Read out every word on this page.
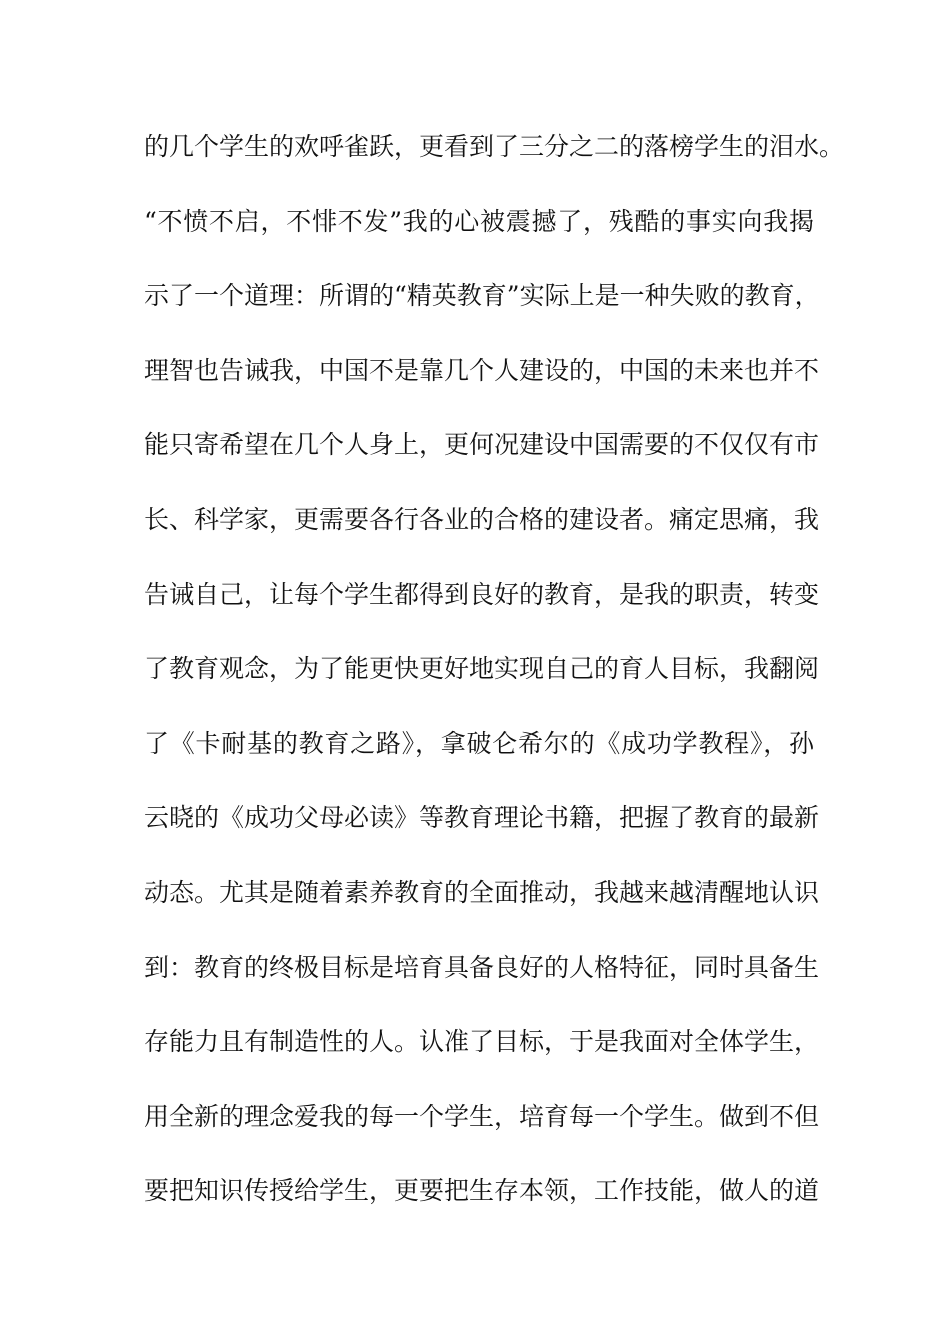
的几个学生的欢呼雀跃，更看到了三分之二的落榜学生的泪水。
“不愤不启，不悱不发”我的心被震撼了，残酷的事实向我揭
示了一个道理：所谓的“精英教育”实际上是一种失败的教育，
理智也告诫我，中国不是靠几个人建设的，中国的未来也并不
能只寄希望在几个人身上，更何况建设中国需要的不仅仅有市
长、科学家，更需要各行各业的合格的建设者。痛定思痛，我
告诫自己，让每个学生都得到良好的教育，是我的职责，转变
了教育观念，为了能更快更好地实现自己的育人目标，我翻阅
了《卡耐基的教育之路》，拿破仑希尔的《成功学教程》，孙
云晓的《成功父母必读》等教育理论书籍，把握了教育的最新
动态。尤其是随着素养教育的全面推动，我越来越清醒地认识
到：教育的终极目标是培育具备良好的人格特征，同时具备生
存能力且有制造性的人。认准了目标，于是我面对全体学生，
用全新的理念爱我的每一个学生，培育每一个学生。做到不但
要把知识传授给学生，更要把生存本领，工作技能，做人的道
